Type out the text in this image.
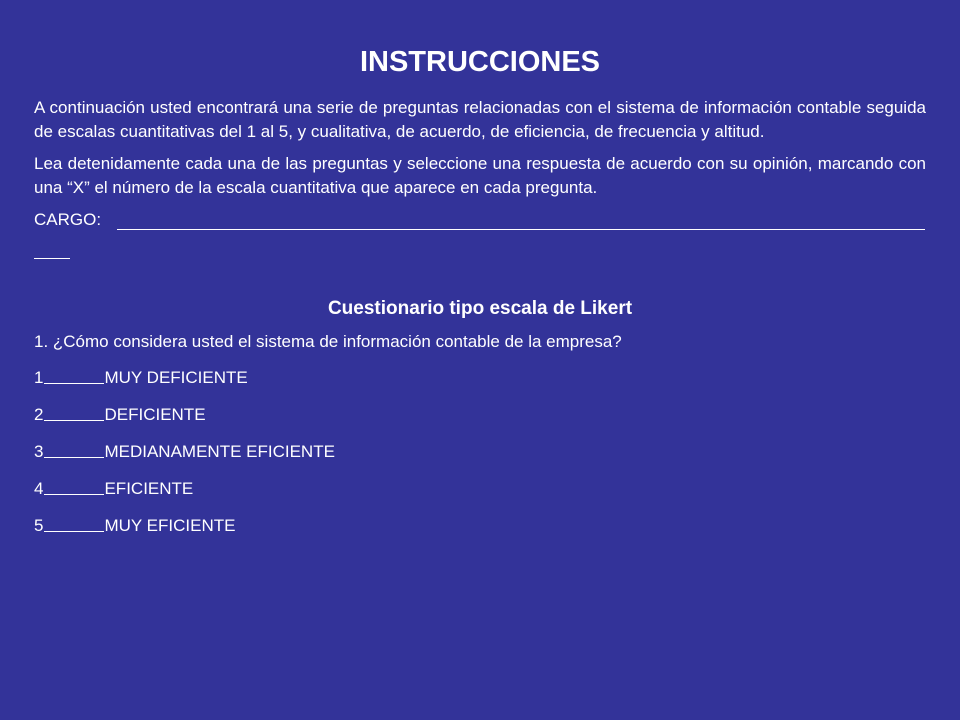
INSTRUCCIONES

A continuación usted encontrará una serie de preguntas relacionadas con el sistema de información contable seguida de escalas cuantitativas del 1 al 5, y cualitativa, de acuerdo, de eficiencia, de frecuencia y altitud.

Lea detenidamente cada una de las preguntas y seleccione una respuesta de acuerdo con su opinión, marcando con una “X” el número de la escala cuantitativa que aparece en cada pregunta.

CARGO:
Cuestionario tipo escala de Likert

1. ¿Cómo considera usted el sistema de información contable de la empresa?

1	MUY DEFICIENTE
2	DEFICIENTE
3	MEDIANAMENTE EFICIENTE
4	EFICIENTE
5	MUY EFICIENTE
